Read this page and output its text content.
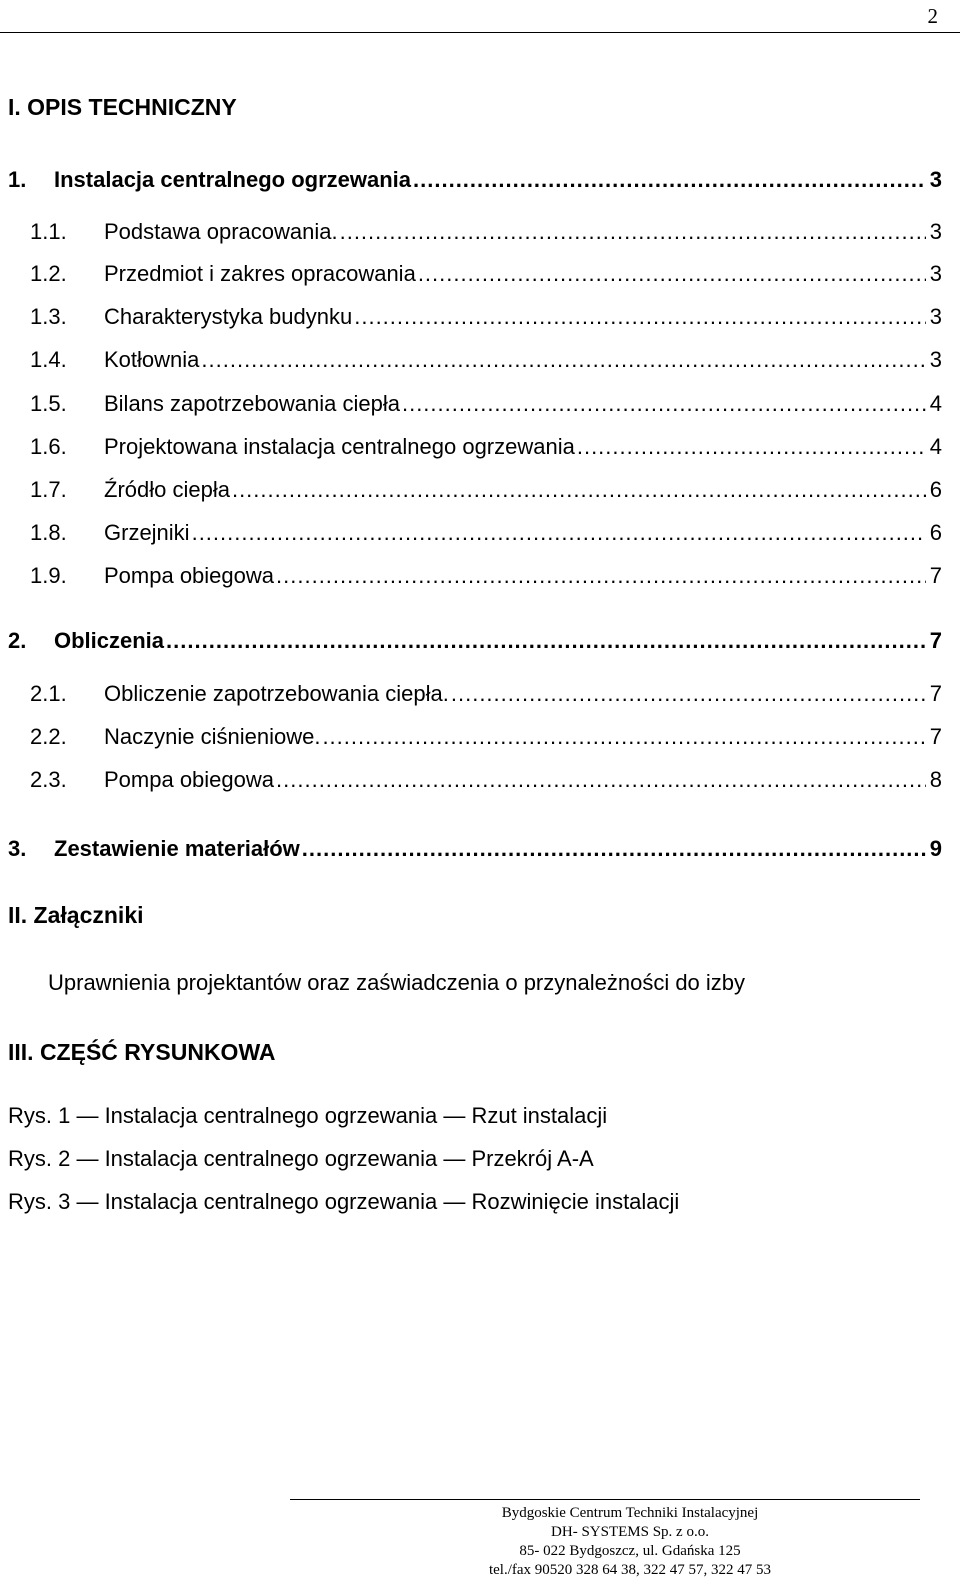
2
I. OPIS TECHNICZNY
1. Instalacja centralnego ogrzewania .....	3
1.1. Podstawa opracowania. .....	3
1.2. Przedmiot i zakres opracowania .....	3
1.3. Charakterystyka budynku .....	3
1.4. Kotłownia .....	3
1.5. Bilans zapotrzebowania ciepła .....	4
1.6. Projektowana instalacja centralnego ogrzewania .....	4
1.7. Źródło ciepła .....	6
1.8. Grzejniki .....	6
1.9. Pompa obiegowa .....	7
2. Obliczenia .....	7
2.1. Obliczenie zapotrzebowania ciepła. .....	7
2.2. Naczynie ciśnieniowe. .....	7
2.3. Pompa obiegowa .....	8
3. Zestawienie materiałów .....	9
II. Załączniki
Uprawnienia projektantów oraz zaświadczenia o przynależności do izby
III. CZĘŚĆ RYSUNKOWA
Rys. 1 — Instalacja centralnego ogrzewania — Rzut instalacji
Rys. 2 — Instalacja centralnego ogrzewania — Przekrój A-A
Rys. 3 — Instalacja centralnego ogrzewania — Rozwinięcie instalacji
Bydgoskie Centrum Techniki Instalacyjnej
DH- SYSTEMS Sp. z o.o.
85- 022 Bydgoszcz, ul. Gdańska 125
tel./fax 90520 328 64 38, 322 47 57, 322 47 53
